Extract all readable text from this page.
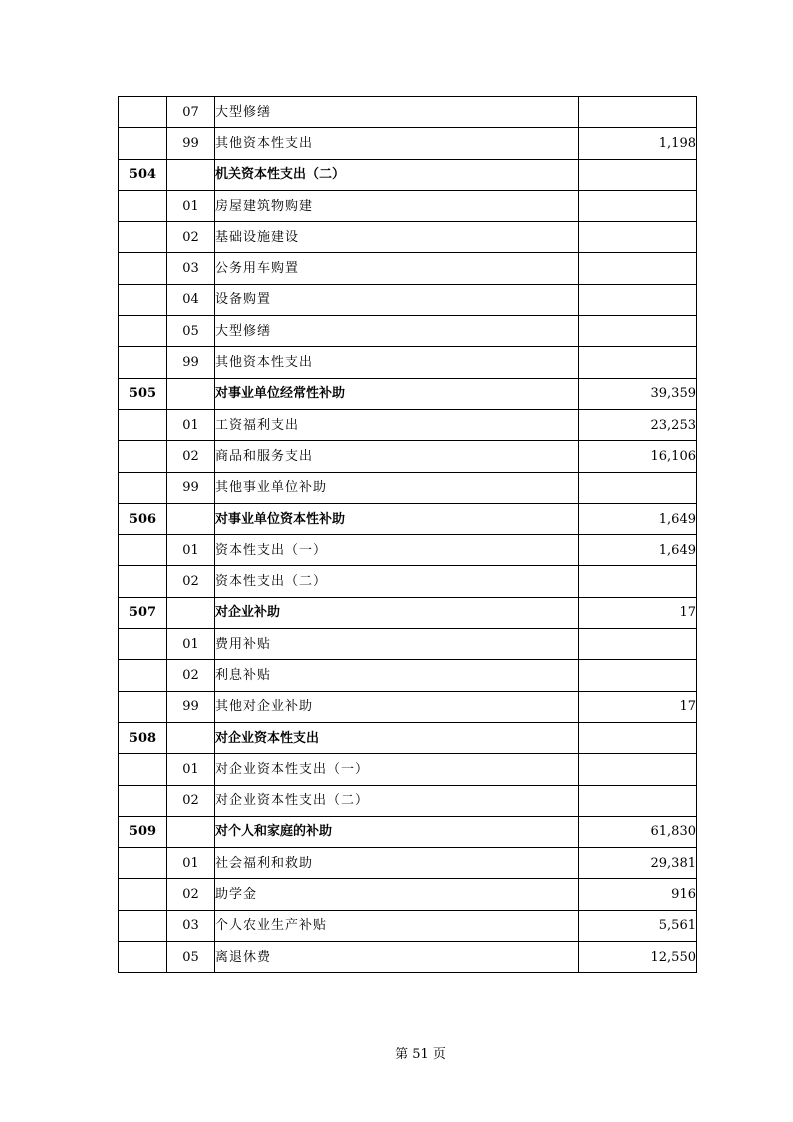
	07	大型修缮	
	99	其他资本性支出	1,198
504		机关资本性支出（二）	
	01	房屋建筑物购建	
	02	基础设施建设	
	03	公务用车购置	
	04	设备购置	
	05	大型修缮	
	99	其他资本性支出	
505		对事业单位经常性补助	39,359
	01	工资福利支出	23,253
	02	商品和服务支出	16,106
	99	其他事业单位补助	
506		对事业单位资本性补助	1,649
	01	资本性支出（一）	1,649
	02	资本性支出（二）	
507		对企业补助	17
	01	费用补贴	
	02	利息补贴	
	99	其他对企业补助	17
508		对企业资本性支出	
	01	对企业资本性支出（一）	
	02	对企业资本性支出（二）	
509		对个人和家庭的补助	61,830
	01	社会福利和救助	29,381
	02	助学金	916
	03	个人农业生产补贴	5,561
	05	离退休费	12,550
第 51 页
